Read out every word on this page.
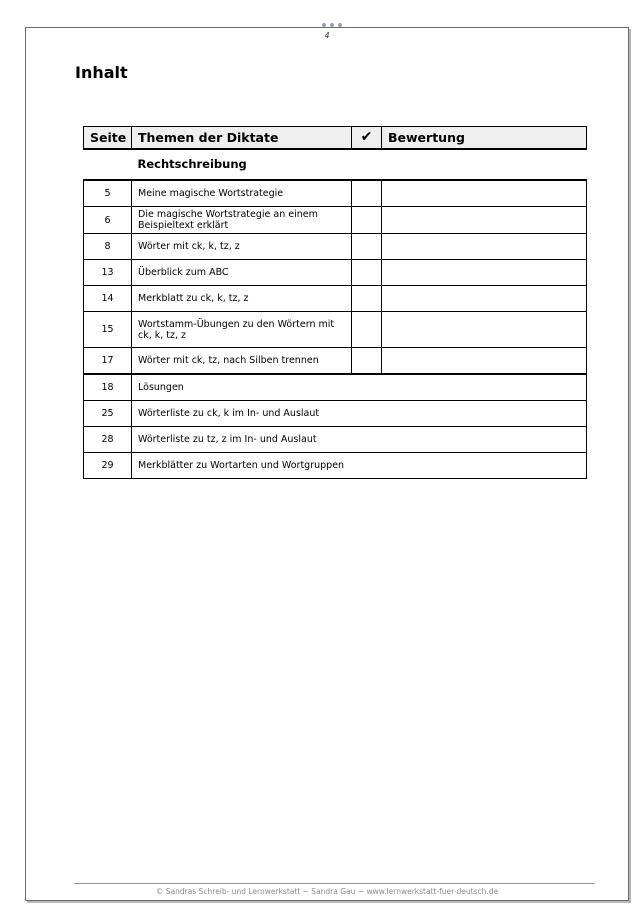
4
Inhalt
Seite	Themen der Diktate	✔	Bewertung
	Rechtschreibung		
5	Meine magische Wortstrategie		
6	Die magische Wortstrategie an einem Beispieltext erklärt		
8	Wörter mit ck, k, tz, z		
13	Überblick zum ABC		
14	Merkblatt zu ck, k, tz, z		
15	Wortstamm-Übungen zu den Wörtern mit ck, k, tz, z		
17	Wörter mit ck, tz, nach Silben trennen		
18	Lösungen		
25	Wörterliste zu ck, k im In- und Auslaut		
28	Wörterliste zu tz, z im In- und Auslaut		
29	Merkblätter zu Wortarten und Wortgruppen		
© Sandras Schreib- und Lernwerkstatt ~ Sandra Gau ~ www.lernwerkstatt-fuer-deutsch.de
